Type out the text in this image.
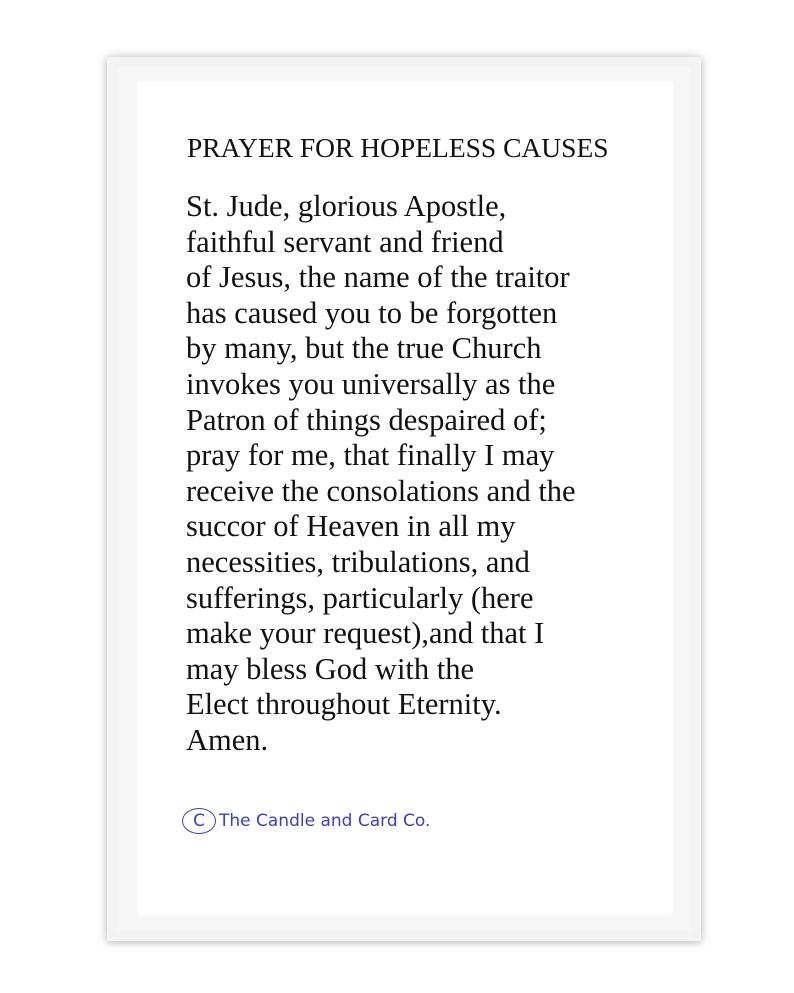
PRAYER FOR HOPELESS CAUSES
St. Jude, glorious Apostle,
faithful servant and friend
of Jesus, the name of the traitor
has caused you to be forgotten
by many, but the true Church
invokes you universally as the
Patron of things despaired of;
pray for me, that finally I may
receive the consolations and the
succor of Heaven in all my
necessities, tribulations, and
sufferings, particularly (here
make your request),and that I
may bless God with the
Elect throughout Eternity.
Amen.
C The Candle and Card Co.
